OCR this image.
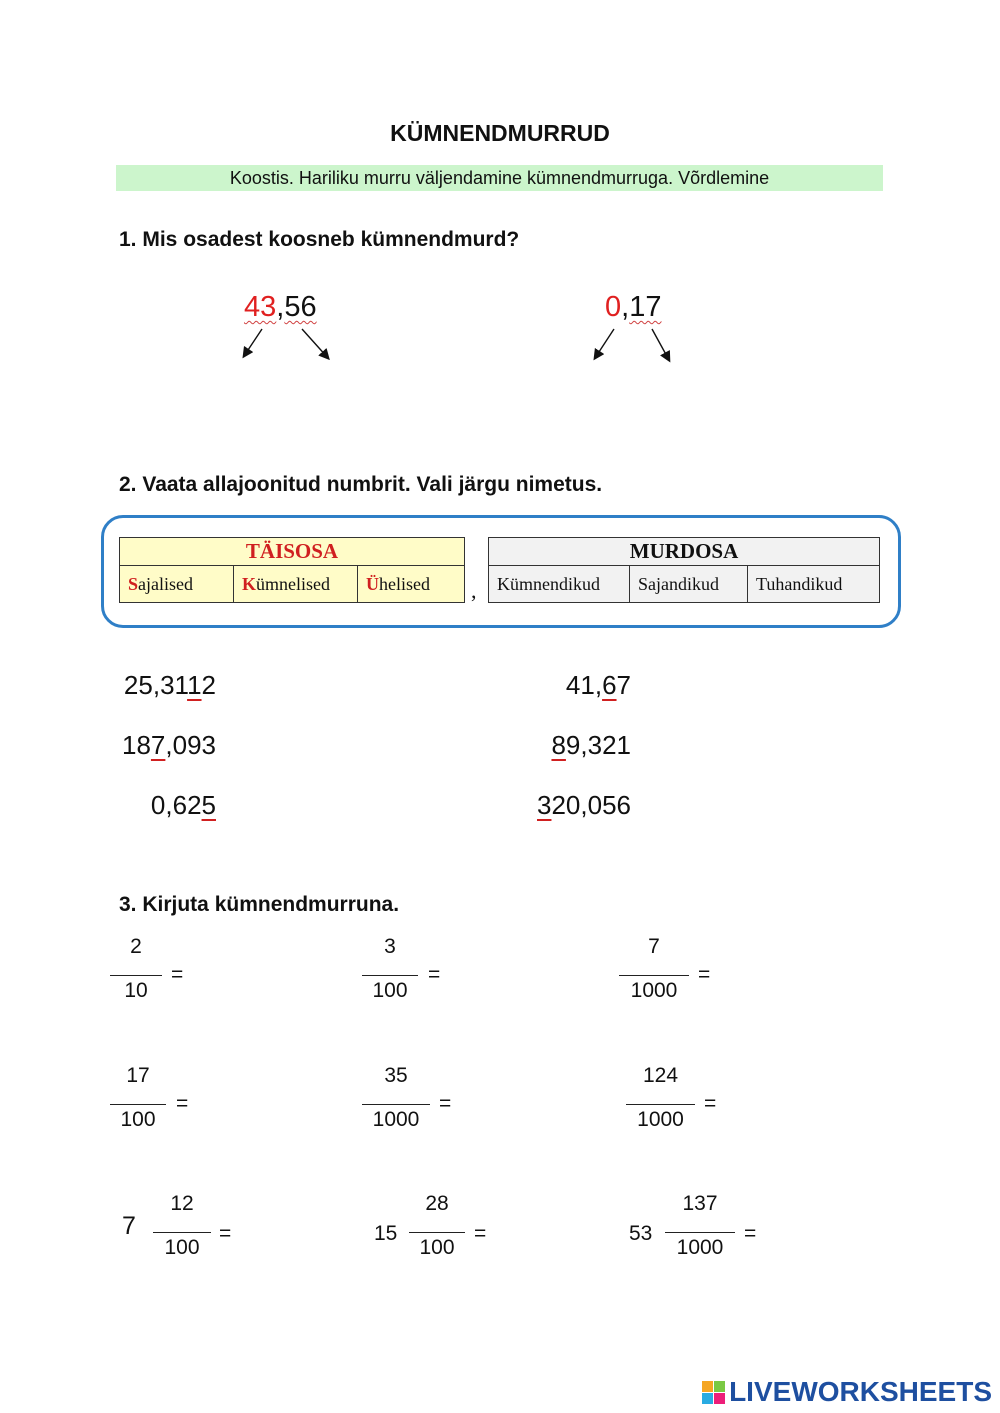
KÜMNENDMURRUD
Koostis. Hariliku murru väljendamine kümnendmurruga. Võrdlemine
1. Mis osadest koosneb kümnendmurd?
43,56	0,17
2. Vaata allajoonitud numbrit. Vali järgu nimetus.
TÄISOSA
Sajalised	Kümnelised	Ühelised ,
MURDOSA
Kümnendikud	Sajandikud	Tuhandikud
25,3112
187,093
0,625
41,67
89,321
320,056
3. Kirjuta kümnendmurruna.
2
10
=
3
100
=
7
1000
=
17
100
=
35
1000
=
124
1000
=
7
12
100
=	15
28
100
=	53
137
1000
=
LIVEWORKSHEETS
